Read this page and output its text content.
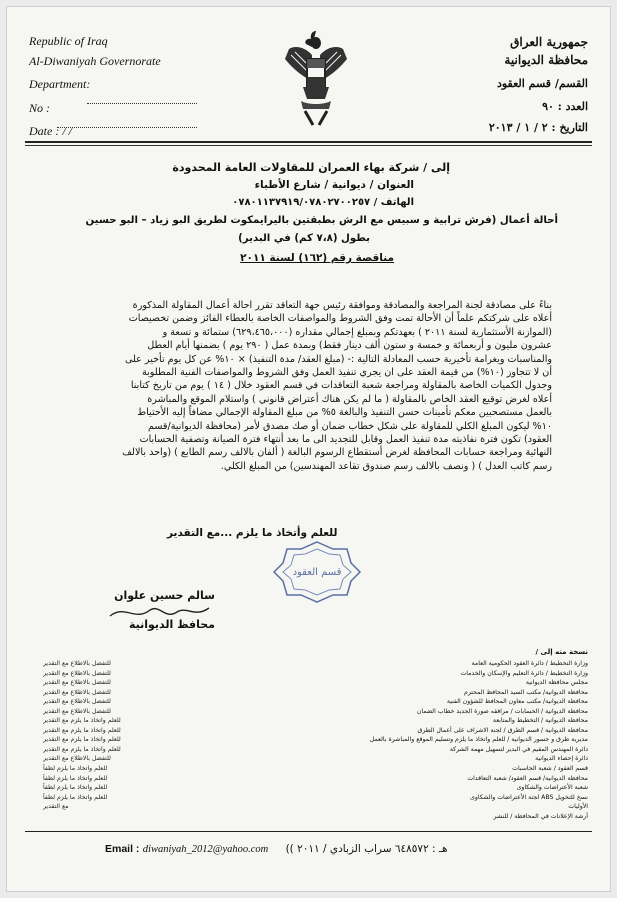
Republic of Iraq
Al-Diwaniyah Governorate
Department:
No :
Date : / /
جمهورية العراق
محافظة الديوانية
القسم/ قسم العقود
العدد : ٩٠
التاريخ : ٢ / ١ / ٢٠١٣
إلى / شركة بهاء العمران للمقاولات العامة المحدودة
العنوان / ديوانية / شارع الأطباء
الهاتف / ٠٧٨٠١١٣٧٩١٩/٠٧٨٠٢٧٠٠٢٥٧
أحالة أعمال (فرش ترابية و سبيس مع الرش بطبقتين باليرايمكوت لطريق البو زياد – البو حسين
بطول (٧،٨ كم) في البدير)
مناقصة رقم (١٦٢) لسنة ٢٠١١

بناءً على مصادقة لجنة المراجعة والمصادقة وموافقة رئيس جهة التعاقد تقرر احالة أعمال المقاولة المذكورة

أعلاه على شركتكم علماً أن الأحالة تمت وفق الشروط والمواصفات الخاصة بالعطاء الفائز وضمن تخصيصات

(الموازنة الأستثمارية لسنة ٢٠١١ ) بعهدتكم وبمبلغ إجمالي مقداره (٦٢٩،٤٦٥،٠٠٠) ستمائة و تسعة و

عشرون مليون و أربعمائة و خمسة و ستون ألف دينار فقط) وبمدة عمل ( ٢٩٠ يوم ) بضمنها أيام العطل

والمناسبات ويغرامة تأخيرية حسب المعادلة التالية :- (مبلغ العقد/ مدة التنفيذ) × ١٠% عن كل يوم تأخير على

أن لا تتجاوز (١٠%) من قيمة العقد على ان يجري تنفيذ العمل وفق الشروط والمواصفات الفنية المطلوبة

وجدول الكميات الخاصة بالمقاولة ومراجعة شعبة التعاقدات في قسم العقود خلال ( ١٤ ) يوم من تاريخ كتابنا

أعلاه لغرض توقيع العقد الخاص بالمقاولة ( ما لم يكن هناك أعتراض قانوني ) واستلام الموقع والمباشرة

بالعمل مستصحبين معكم تأمينات حسن التنفيذ والبالغة ٥% من مبلغ المقاولة الإجمالي مضافاً إليه الأحتياط

١٠% ليكون المبلغ الكلي للمقاولة على شكل خطاب ضمان أو صك مصدق لأمر (محافظة الديوانية/قسم

العقود) تكون فترة نفاذيته مدة تنفيذ العمل وقابل للتجديد الى ما بعد أنتهاء فترة الصيانة وتصفية الحسابات

النهائية ومراجعة حسابات المحافظة لغرض أستقطاع الرسوم البالغة ( ألفان بالالف رسم الطابع ) (واحد بالالف

رسم كاتب العدل ) ( ونصف بالالف رسم صندوق تقاعد المهندسين) من المبلغ الكلي.

للعلم وأتخاذ ما يلزم ...مع التقدير
قسم العقود
سالم حسين علوان
محافظ الديوانية
نسخة منه إلى /
وزارة التخطيط / دائرة العقود الحكومية العامة
للتفضل بالاطلاع مع التقدير
وزارة التخطيط / دائرة التعليم والإسكان والخدمات
للتفضل بالاطلاع مع التقدير
مجلس محافظة الديوانية
للتفضل بالاطلاع مع التقدير
محافظة الديوانية/ مكتب السيد المحافظ المحترم
للتفضل بالاطلاع مع التقدير
محافظة الديوانية/ مكتب معاون المحافظ للشؤون الفنية
للتفضل بالاطلاع مع التقدير
محافظة الديوانية / الحسابات / مرافقه صورة الجديد خطاب الضمان
للتفضل بالاطلاع مع التقدير
محافظة الديوانية / التخطيط والمتابعة
للعلم واتخاذ ما يلزم مع التقدير
محافظة الديوانية / قسم الطرق / لجنة الاشراف على أعمال الطرق
للعلم واتخاذ ما يلزم مع التقدير
مديرية طرق و جسور الديوانية / للعلم واتخاذ ما يلزم وتسليم الموقع والمباشرة بالعمل
للعلم واتخاذ ما يلزم مع التقدير
دائرة المهندس المقيم في البدير لتسهيل مهمة الشركة
للعلم واتخاذ ما يلزم مع التقدير
دائرة إحصاء الديوانية
للتفضل بالاطلاع مع التقدير
قسم العقود / شعبة الحاسبات
للعلم واتخاذ ما يلزم لطفاً
محافظة الديوانية/ قسم العقود/ شعبة التعاقدات
للعلم واتخاذ ما يلزم لطفاً
شعبة الأعتراضات والشكاوى
للعلم واتخاذ ما يلزم لطفاً
نسخ للتخويل ABS لجنة الأعتراضات والشكاوى
للعلم واتخاذ ما يلزم لطفاً
الأوليات
مع التقدير
أرشة الإعلانات في المحافظة / للنشر
Email : diwaniyah_2012@yahoo.com هـ : ٦٤٨٥٧٢ سراب الزبادي / ٢٠١١ ))
